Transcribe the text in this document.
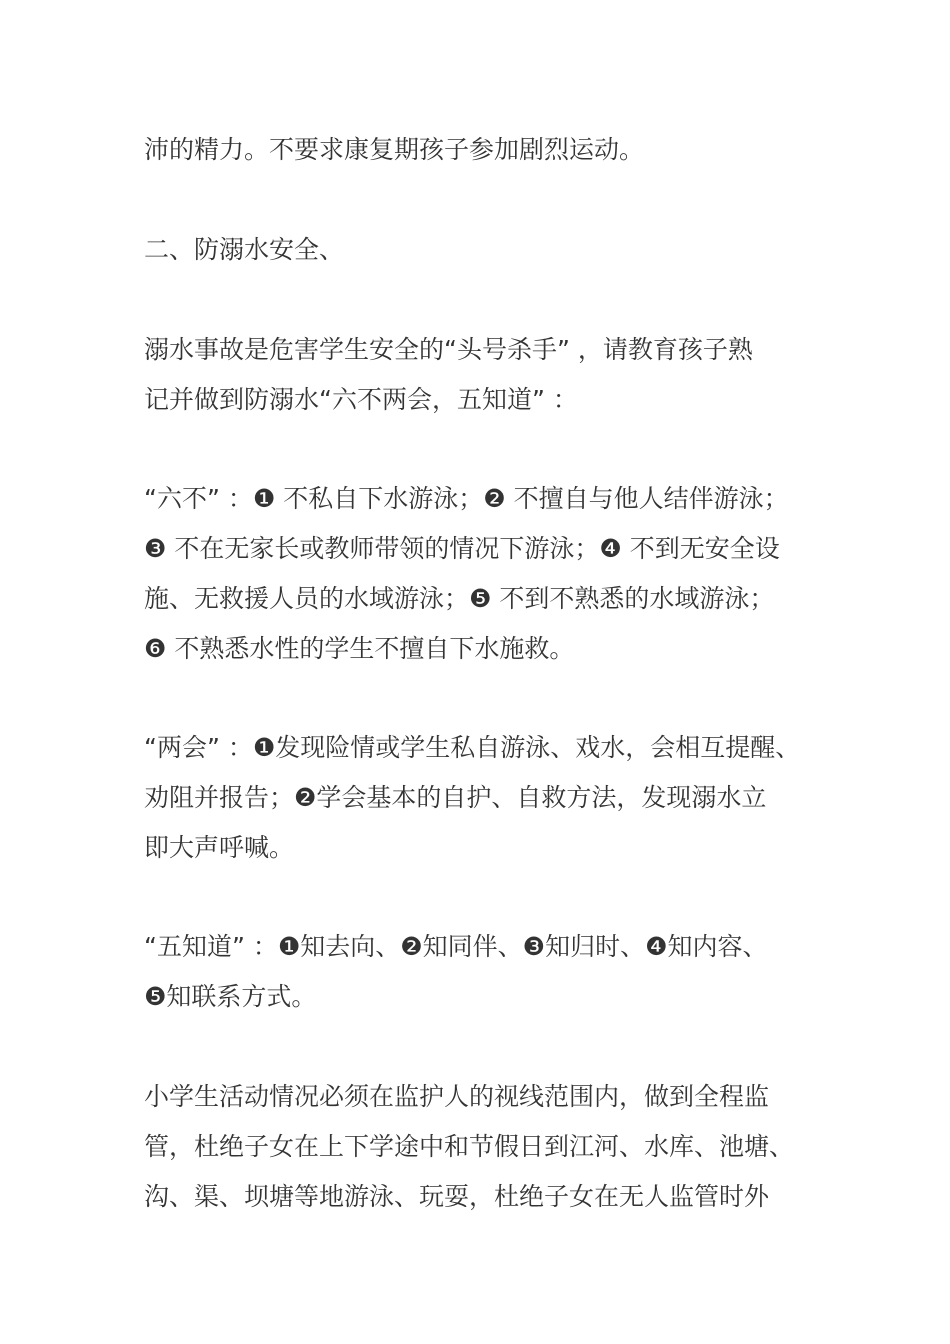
沛的精力。不要求康复期孩子参加剧烈运动。
二、防溺水安全、
溺水事故是危害学生安全的“头号杀手” ，请教育孩子熟
记并做到防溺水“六不两会，五知道” ：
“六不” ：❶ 不私自下水游泳；❷ 不擅自与他人结伴游泳；
❸ 不在无家长或教师带领的情况下游泳；❹ 不到无安全设
施、无救援人员的水域游泳；❺ 不到不熟悉的水域游泳；
❻ 不熟悉水性的学生不擅自下水施救。
“两会” ：❶发现险情或学生私自游泳、戏水，会相互提醒、
劝阻并报告；❷学会基本的自护、自救方法，发现溺水立
即大声呼喊。
“五知道” ：❶知去向、❷知同伴、❸知归时、❹知内容、
❺知联系方式。
小学生活动情况必须在监护人的视线范围内，做到全程监
管，杜绝子女在上下学途中和节假日到江河、水库、池塘、
沟、渠、坝塘等地游泳、玩耍，杜绝子女在无人监管时外
